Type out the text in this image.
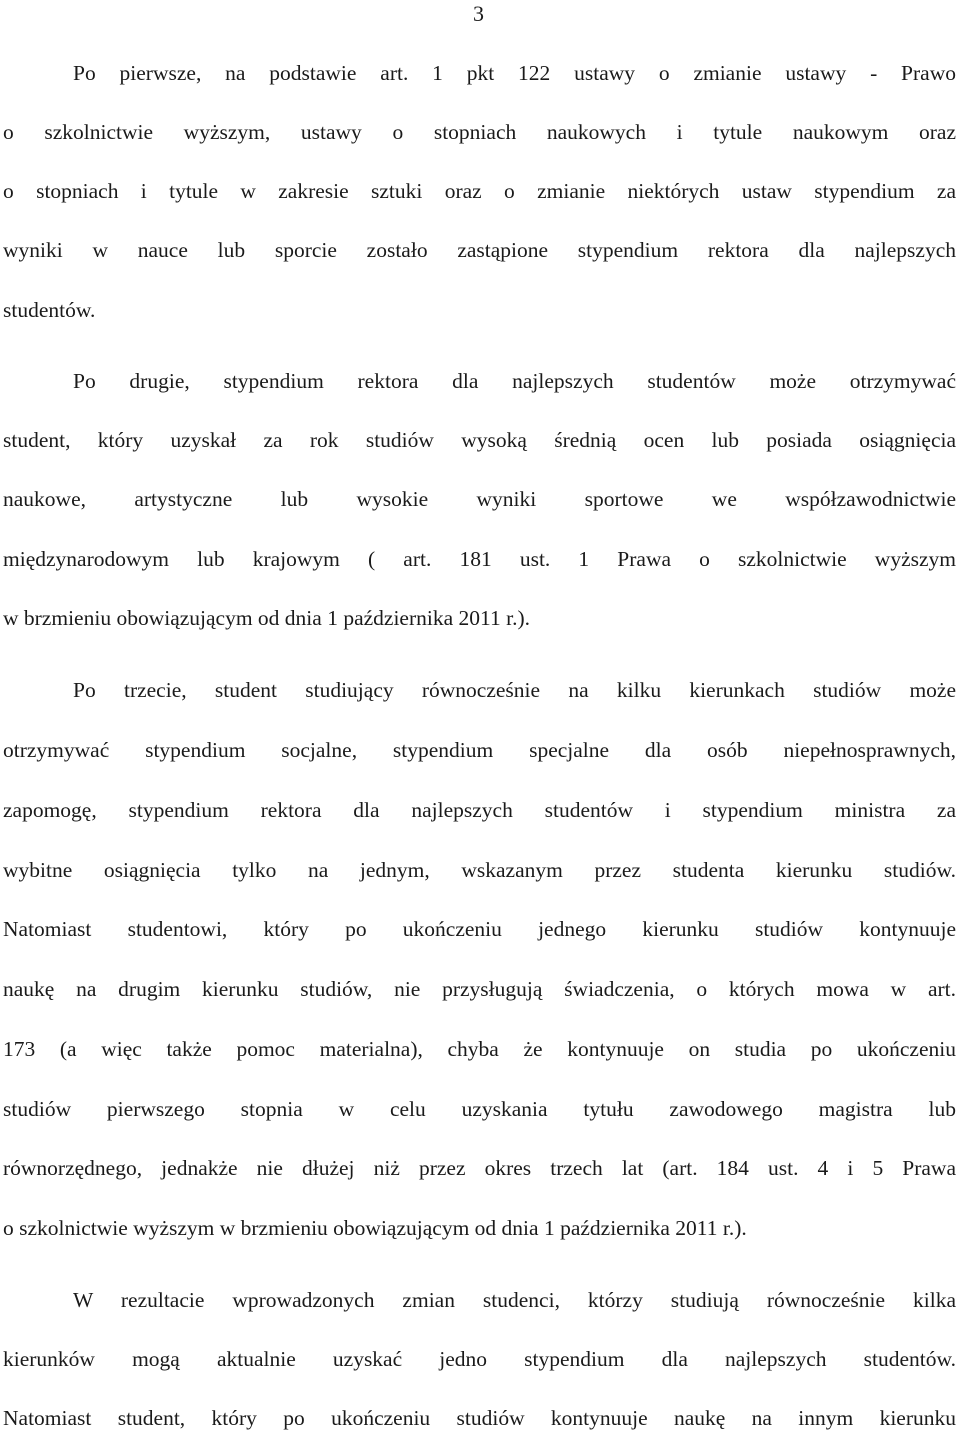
3
Po pierwsze, na podstawie art. 1 pkt 122 ustawy o zmianie ustawy - Prawo
o szkolnictwie wyższym, ustawy o stopniach naukowych i tytule naukowym oraz
o stopniach i tytule w zakresie sztuki oraz o zmianie niektórych ustaw stypendium za
wyniki w nauce lub sporcie zostało zastąpione stypendium rektora dla najlepszych
studentów.
Po drugie, stypendium rektora dla najlepszych studentów może otrzymywać
student, który uzyskał za rok studiów wysoką średnią ocen lub posiada osiągnięcia
naukowe, artystyczne lub wysokie wyniki sportowe we współzawodnictwie
międzynarodowym lub krajowym ( art. 181 ust. 1 Prawa o szkolnictwie wyższym
w brzmieniu obowiązującym od dnia 1 października 2011 r.).
Po trzecie, student studiujący równocześnie na kilku kierunkach studiów może
otrzymywać stypendium socjalne, stypendium specjalne dla osób niepełnosprawnych,
zapomogę, stypendium rektora dla najlepszych studentów i stypendium ministra za
wybitne osiągnięcia tylko na jednym, wskazanym przez studenta kierunku studiów.
Natomiast studentowi, który po ukończeniu jednego kierunku studiów kontynuuje
naukę na drugim kierunku studiów, nie przysługują świadczenia, o których mowa w art.
173 (a więc także pomoc materialna), chyba że kontynuuje on studia po ukończeniu
studiów pierwszego stopnia w celu uzyskania tytułu zawodowego magistra lub
równorzędnego, jednakże nie dłużej niż przez okres trzech lat (art. 184 ust. 4 i 5 Prawa
o szkolnictwie wyższym w brzmieniu obowiązującym od dnia 1 października 2011 r.).
W rezultacie wprowadzonych zmian studenci, którzy studiują równocześnie kilka
kierunków mogą aktualnie uzyskać jedno stypendium dla najlepszych studentów.
Natomiast student, który po ukończeniu studiów kontynuuje naukę na innym kierunku
